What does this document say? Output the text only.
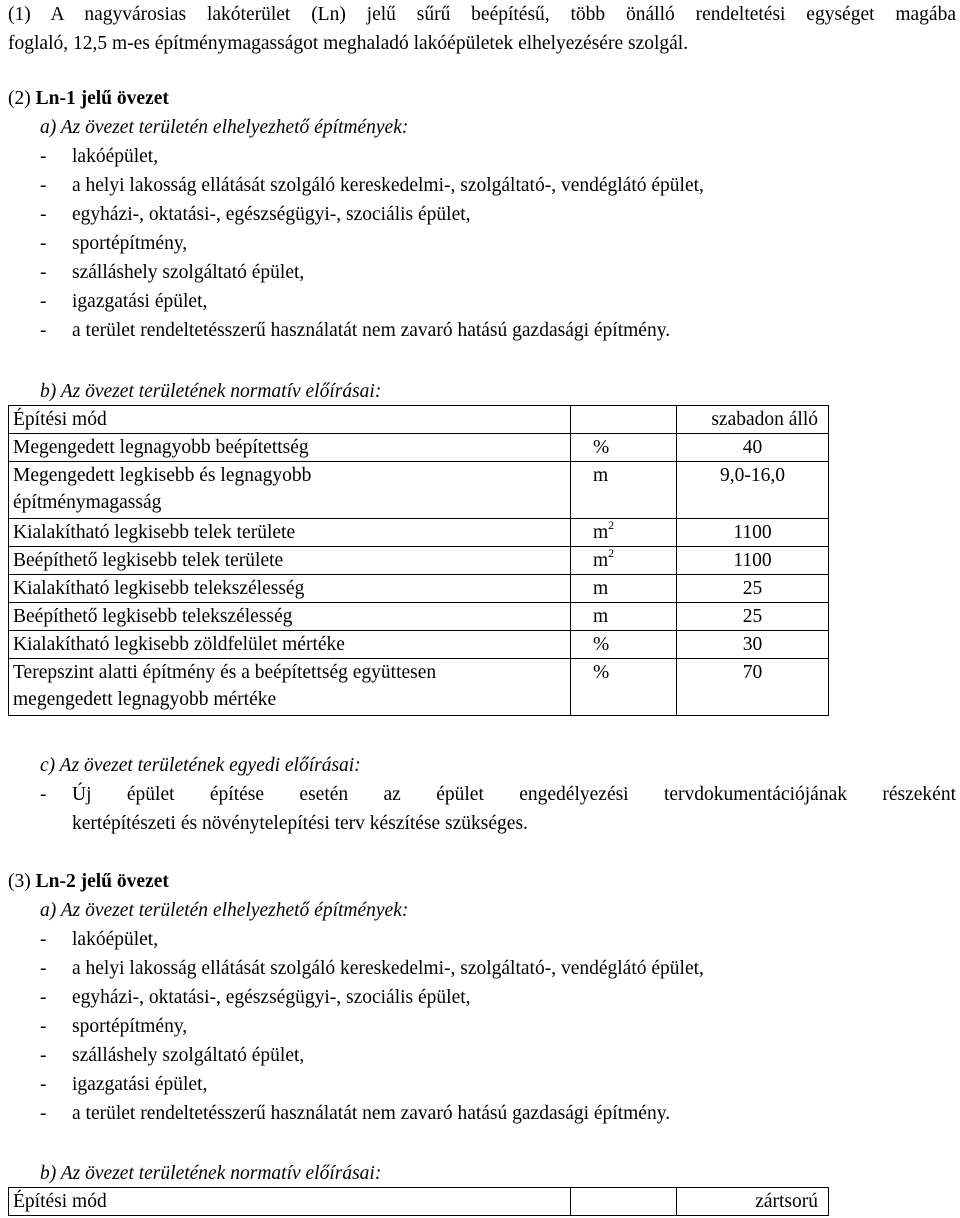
(1) A nagyvárosias lakóterület (Ln) jelű sűrű beépítésű, több önálló rendeltetési egységet magába
foglaló, 12,5 m-es építménymagasságot meghaladó lakóépületek elhelyezésére szolgál.
(2) Ln-1 jelű övezet
a) Az övezet területén elhelyezhető építmények:
-	lakóépület,
-	a helyi lakosság ellátását szolgáló kereskedelmi-, szolgáltató-, vendéglátó épület,
-	egyházi-, oktatási-, egészségügyi-, szociális épület,
-	sportépítmény,
-	szálláshely szolgáltató épület,
-	igazgatási épület,
-	a terület rendeltetésszerű használatát nem zavaró hatású gazdasági építmény.
b) Az övezet területének normatív előírásai:
Építési mód		szabadon álló
Megengedett legnagyobb beépítettség	%	40

Megengedett legkisebb és legnagyobb
építménymagasság	m	9,0-16,0
Kialakítható legkisebb telek területe	$m^2$	1100
Beépíthető legkisebb telek területe	$m^2$	1100
Kialakítható legkisebb telekszélesség	m	25
Beépíthető legkisebb telekszélesség	m	25
Kialakítható legkisebb zöldfelület mértéke	%	30

Terepszint alatti építmény és a beépítettség együttesen
megengedett legnagyobb mértéke	%	70
c) Az övezet területének egyedi előírásai:
-	Új épület építése esetén az épület engedélyezési tervdokumentációjának részeként
kertépítészeti és növénytelepítési terv készítése szükséges.
(3) Ln-2 jelű övezet
a) Az övezet területén elhelyezhető építmények:
-	lakóépület,
-	a helyi lakosság ellátását szolgáló kereskedelmi-, szolgáltató-, vendéglátó épület,
-	egyházi-, oktatási-, egészségügyi-, szociális épület,
-	sportépítmény,
-	szálláshely szolgáltató épület,
-	igazgatási épület,
-	a terület rendeltetésszerű használatát nem zavaró hatású gazdasági építmény.
b) Az övezet területének normatív előírásai:
Építési mód		zártsorú
